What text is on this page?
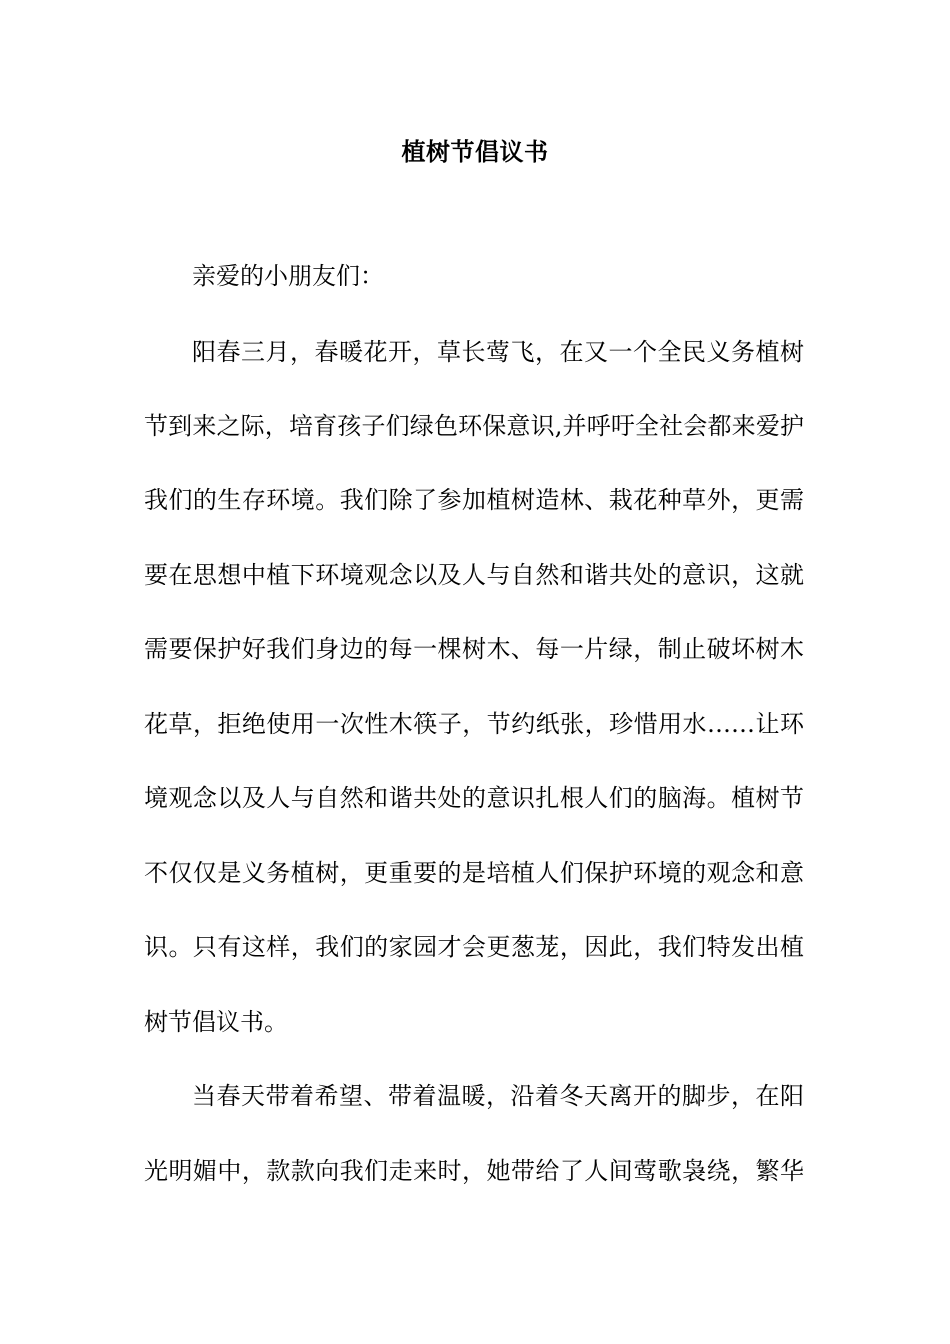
植树节倡议书
亲爱的小朋友们：
阳春三月，春暖花开，草长莺飞，在又一个全民义务植树
节到来之际，培育孩子们绿色环保意识,并呼吁全社会都来爱护
我们的生存环境。我们除了参加植树造林、栽花种草外，更需
要在思想中植下环境观念以及人与自然和谐共处的意识，这就
需要保护好我们身边的每一棵树木、每一片绿，制止破坏树木
花草，拒绝使用一次性木筷子，节约纸张，珍惜用水……让环
境观念以及人与自然和谐共处的意识扎根人们的脑海。植树节
不仅仅是义务植树，更重要的是培植人们保护环境的观念和意
识。只有这样，我们的家园才会更葱茏，因此，我们特发出植
树节倡议书。
当春天带着希望、带着温暖，沿着冬天离开的脚步，在阳
光明媚中，款款向我们走来时，她带给了人间莺歌袅绕，繁华
